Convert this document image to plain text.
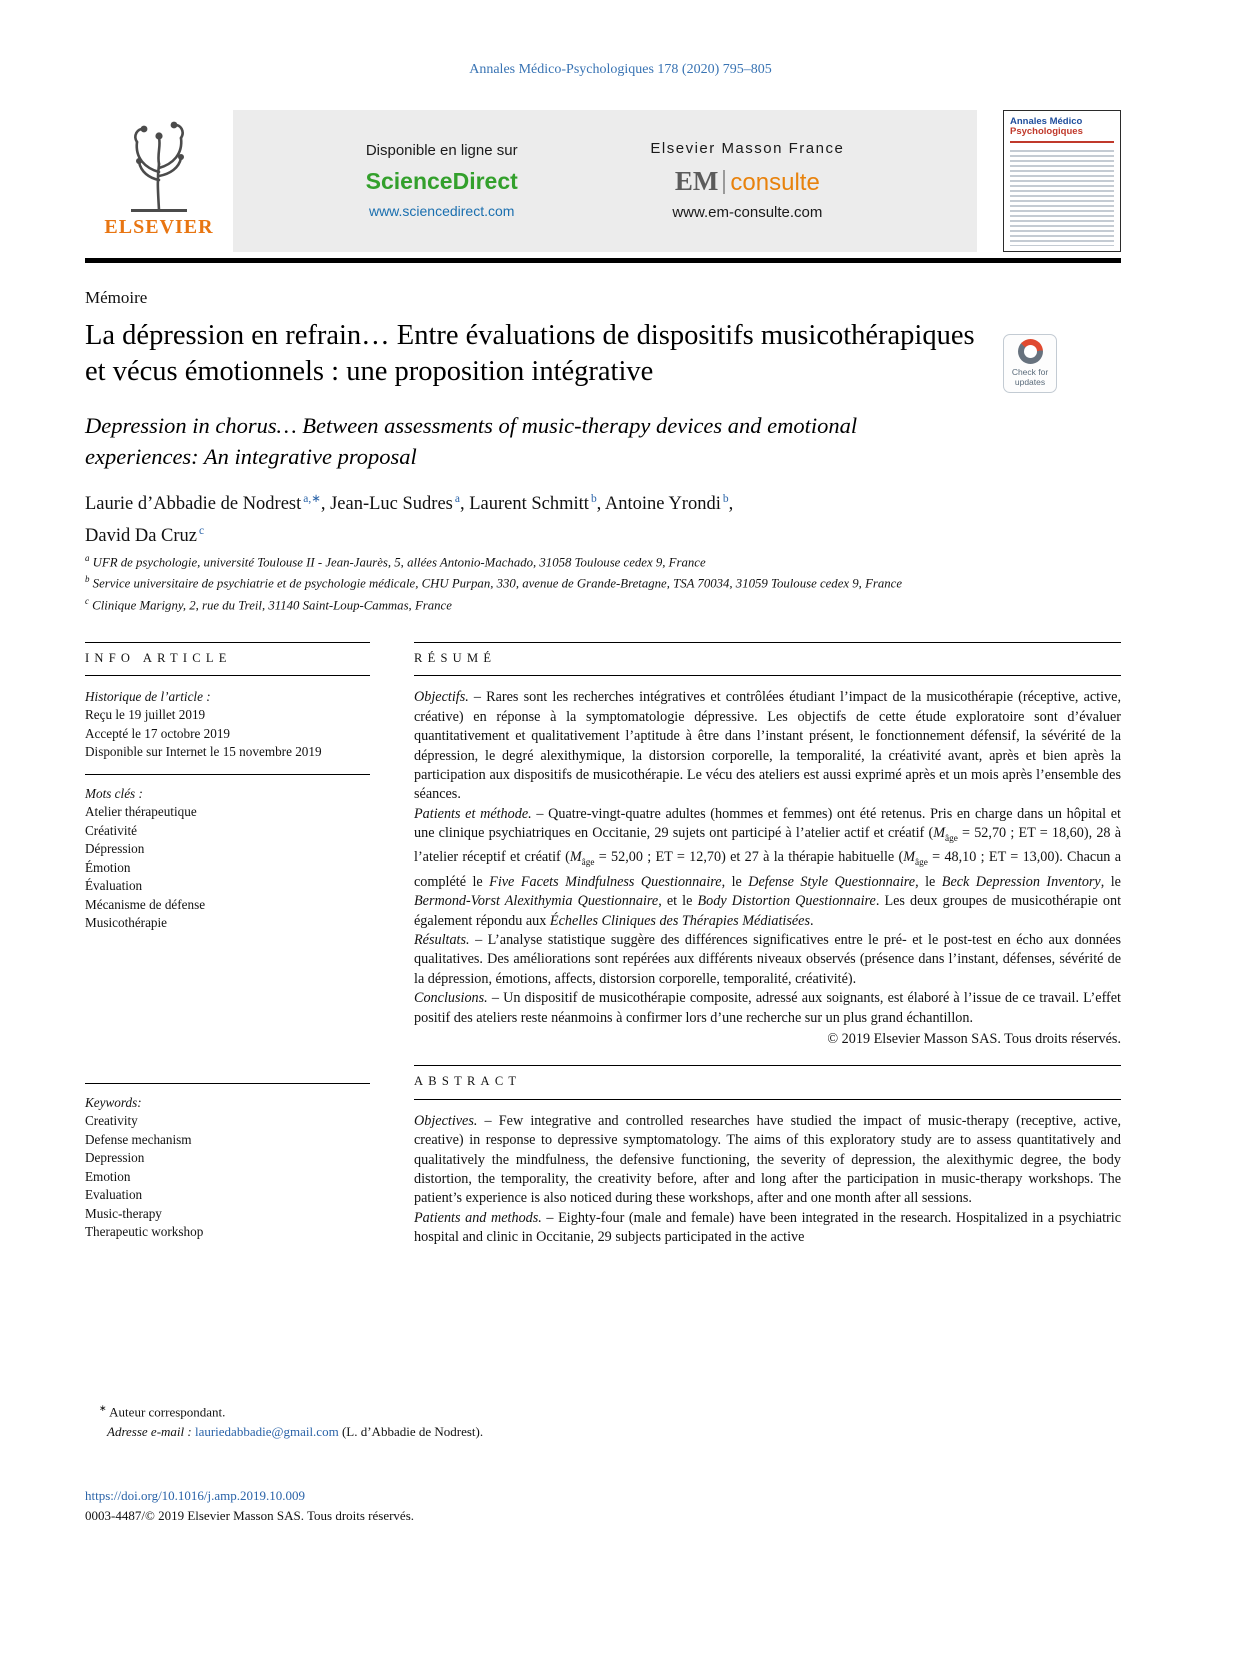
Annales Médico-Psychologiques 178 (2020) 795–805
ELSEVIER
Disponible en ligne sur
ScienceDirect
www.sciencedirect.com
Elsevier Masson France
EM consulte
www.em-consulte.com
Annales Médico
Psychologiques
Mémoire
La dépression en refrain… Entre évaluations de dispositifs musicothérapiques et vécus émotionnels : une proposition intégrative	Check for updates
Depression in chorus… Between assessments of music-therapy devices and emotional experiences: An integrative proposal
Laurie d’Abbadie de Nodrest $^{a,∗}$, Jean-Luc Sudres $^a$, Laurent Schmitt $^b$, Antoine Yrondi $^b$,
David Da Cruz $^c$
$^a$ UFR de psychologie, université Toulouse II - Jean-Jaurès, 5, allées Antonio-Machado, 31058 Toulouse cedex 9, France
$^b$ Service universitaire de psychiatrie et de psychologie médicale, CHU Purpan, 330, avenue de Grande-Bretagne, TSA 70034, 31059 Toulouse cedex 9, France
$^c$ Clinique Marigny, 2, rue du Treil, 31140 Saint-Loup-Cammas, France
INFO ARTICLE
Historique de l’article :
Reçu le 19 juillet 2019
Accepté le 17 octobre 2019
Disponible sur Internet le 15 novembre 2019
Mots clés :
Atelier thérapeutique
Créativité
Dépression
Émotion
Évaluation
Mécanisme de défense
Musicothérapie
Keywords:
Creativity
Defense mechanism
Depression
Emotion
Evaluation
Music-therapy
Therapeutic workshop
RÉSUMÉ
Objectifs. – Rares sont les recherches intégratives et contrôlées étudiant l’impact de la musicothérapie (réceptive, active, créative) en réponse à la symptomatologie dépressive. Les objectifs de cette étude exploratoire sont d’évaluer quantitativement et qualitativement l’aptitude à être dans l’instant présent, le fonctionnement défensif, la sévérité de la dépression, le degré alexithymique, la distorsion corporelle, la temporalité, la créativité avant, après et bien après la participation aux dispositifs de musicothérapie. Le vécu des ateliers est aussi exprimé après et un mois après l’ensemble des séances.
Patients et méthode. – Quatre-vingt-quatre adultes (hommes et femmes) ont été retenus. Pris en charge dans un hôpital et une clinique psychiatriques en Occitanie, 29 sujets ont participé à l’atelier actif et créatif ($M_{âge} = 52,70$ ; ET = 18,60), 28 à l’atelier réceptif et créatif ($M_{âge} = 52,00$ ; ET = 12,70) et 27 à la thérapie habituelle ($M_{âge} = 48,10$ ; ET = 13,00). Chacun a complété le Five Facets Mindfulness Questionnaire, le Defense Style Questionnaire, le Beck Depression Inventory, le Bermond-Vorst Alexithymia Questionnaire, et le Body Distortion Questionnaire. Les deux groupes de musicothérapie ont également répondu aux Échelles Cliniques des Thérapies Médiatisées.
Résultats. – L’analyse statistique suggère des différences significatives entre le pré- et le post-test en écho aux données qualitatives. Des améliorations sont repérées aux différents niveaux observés (présence dans l’instant, défenses, sévérité de la dépression, émotions, affects, distorsion corporelle, temporalité, créativité).
Conclusions. – Un dispositif de musicothérapie composite, adressé aux soignants, est élaboré à l’issue de ce travail. L’effet positif des ateliers reste néanmoins à confirmer lors d’une recherche sur un plus grand échantillon.
© 2019 Elsevier Masson SAS. Tous droits réservés.
ABSTRACT
Objectives. – Few integrative and controlled researches have studied the impact of music-therapy (receptive, active, creative) in response to depressive symptomatology. The aims of this exploratory study are to assess quantitatively and qualitatively the mindfulness, the defensive functioning, the severity of depression, the alexithymic degree, the body distortion, the temporality, the creativity before, after and long after the participation in music-therapy workshops. The patient’s experience is also noticed during these workshops, after and one month after all sessions.
Patients and methods. – Eighty-four (male and female) have been integrated in the research. Hospitalized in a psychiatric hospital and clinic in Occitanie, 29 subjects participated in the active
∗ Auteur correspondant.
Adresse e-mail : lauriedabbadie@gmail.com (L. d’Abbadie de Nodrest).
https://doi.org/10.1016/j.amp.2019.10.009
0003-4487/© 2019 Elsevier Masson SAS. Tous droits réservés.
